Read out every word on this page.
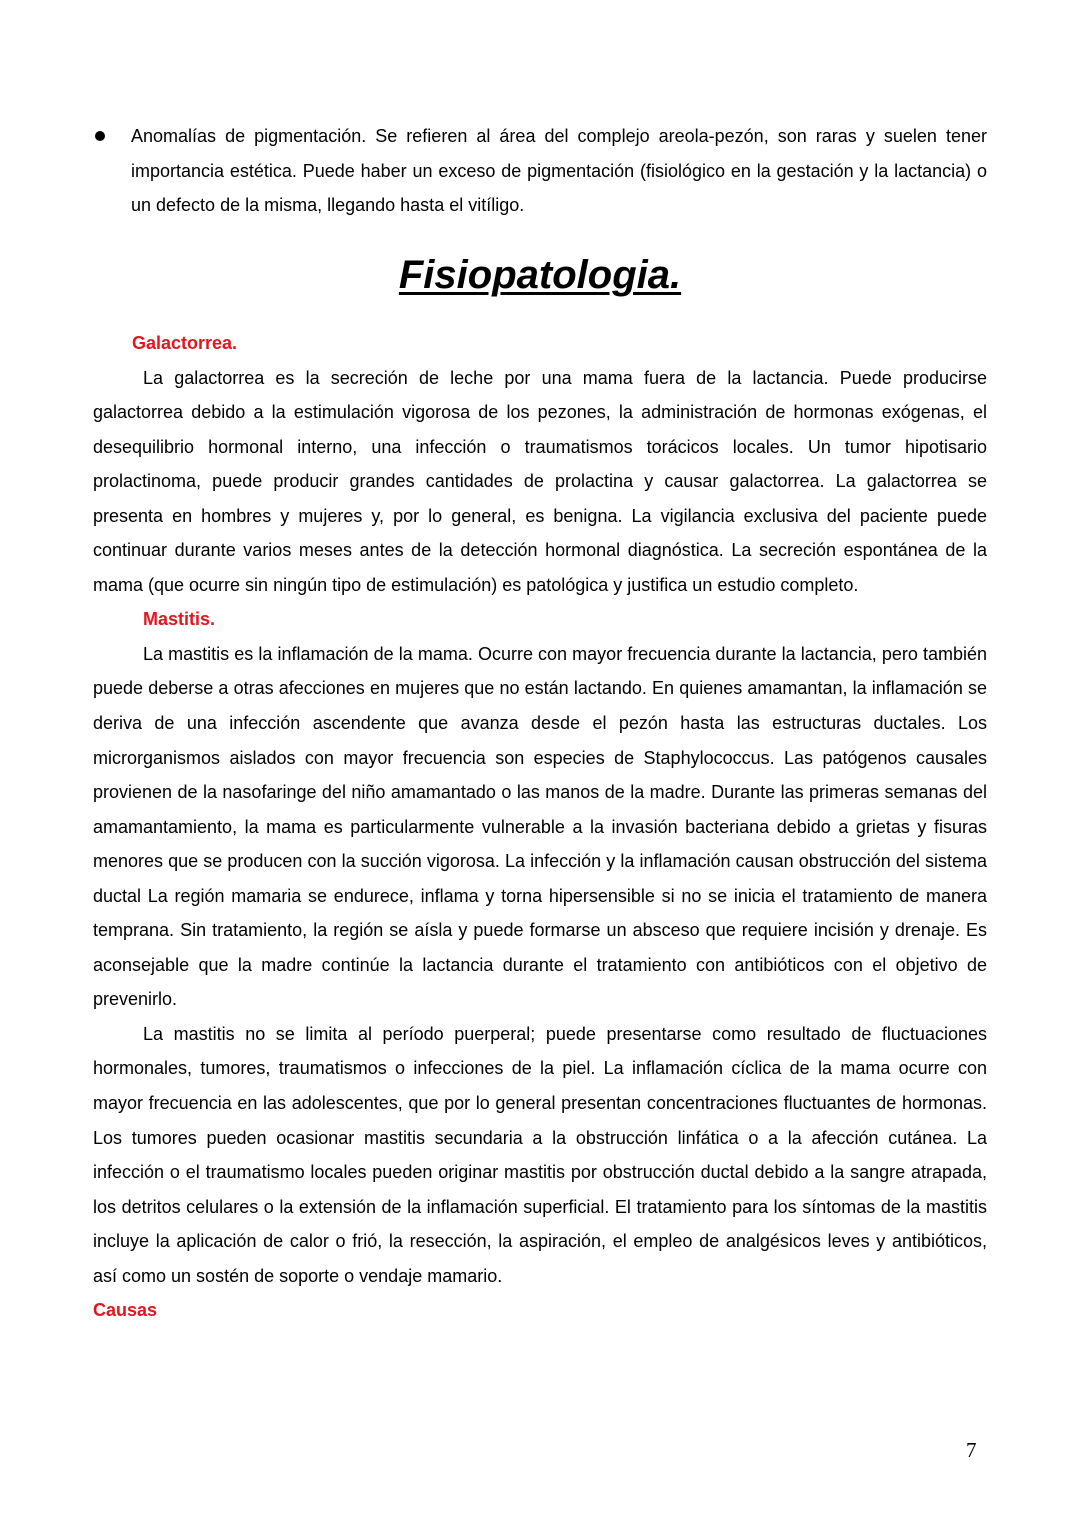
Anomalías de pigmentación. Se refieren al área del complejo areola-pezón, son raras y suelen tener importancia estética. Puede haber un exceso de pigmentación (fisiológico en la gestación y la lactancia) o un defecto de la misma, llegando hasta el vitíligo.
Fisiopatologia.
Galactorrea.

La galactorrea es la secreción de leche por una mama fuera de la lactancia. Puede producirse galactorrea debido a la estimulación vigorosa de los pezones, la administración de hormonas exógenas, el desequilibrio hormonal interno, una infección o traumatismos torácicos locales. Un tumor hipotisario prolactinoma, puede producir grandes cantidades de prolactina y causar galactorrea. La galactorrea se presenta en hombres y mujeres y, por lo general, es benigna. La vigilancia exclusiva del paciente puede continuar durante varios meses antes de la detección hormonal diagnóstica. La secreción espontánea de la mama (que ocurre sin ningún tipo de estimulación) es patológica y justifica un estudio completo.

Mastitis.

La mastitis es la inflamación de la mama. Ocurre con mayor frecuencia durante la lactancia, pero también puede deberse a otras afecciones en mujeres que no están lactando. En quienes amamantan, la inflamación se deriva de una infección ascendente que avanza desde el pezón hasta las estructuras ductales. Los microrganismos aislados con mayor frecuencia son especies de Staphylococcus. Las patógenos causales provienen de la nasofaringe del niño amamantado o las manos de la madre. Durante las primeras semanas del amamantamiento, la mama es particularmente vulnerable a la invasión bacteriana debido a grietas y fisuras menores que se producen con la succión vigorosa. La infección y la inflamación causan obstrucción del sistema ductal La región mamaria se endurece, inflama y torna hipersensible si no se inicia el tratamiento de manera temprana. Sin tratamiento, la región se aísla y puede formarse un absceso que requiere incisión y drenaje. Es aconsejable que la madre continúe la lactancia durante el tratamiento con antibióticos con el objetivo de prevenirlo.

La mastitis no se limita al período puerperal; puede presentarse como resultado de fluctuaciones hormonales, tumores, traumatismos o infecciones de la piel. La inflamación cíclica de la mama ocurre con mayor frecuencia en las adolescentes, que por lo general presentan concentraciones fluctuantes de hormonas. Los tumores pueden ocasionar mastitis secundaria a la obstrucción linfática o a la afección cutánea. La infección o el traumatismo locales pueden originar mastitis por obstrucción ductal debido a la sangre atrapada, los detritos celulares o la extensión de la inflamación superficial. El tratamiento para los síntomas de la mastitis incluye la aplicación de calor o frió, la resección, la aspiración, el empleo de analgésicos leves y antibióticos, así como un sostén de soporte o vendaje mamario.

Causas
7
